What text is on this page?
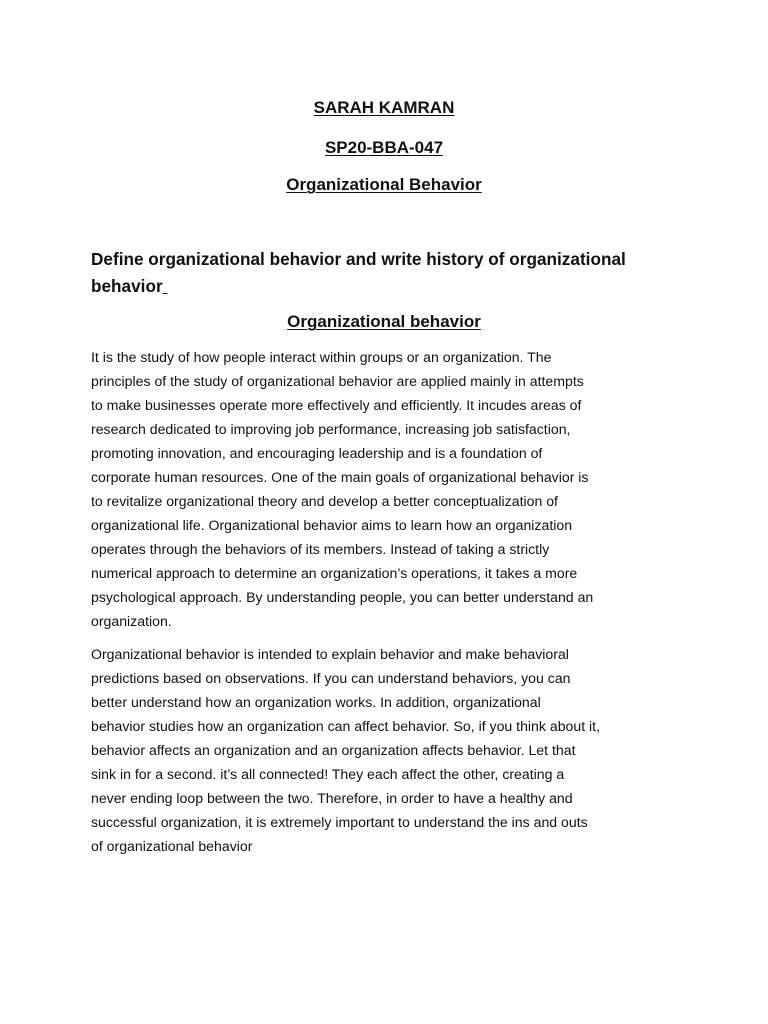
SARAH KAMRAN
SP20-BBA-047
Organizational Behavior
Define organizational behavior and write history of organizational
behavior
Organizational behavior
It is the study of how people interact within groups or an organization. The
principles of the study of organizational behavior are applied mainly in attempts
to make businesses operate more effectively and efficiently. It incudes areas of
research dedicated to improving job performance, increasing job satisfaction,
promoting innovation, and encouraging leadership and is a foundation of
corporate human resources. One of the main goals of organizational behavior is
to revitalize organizational theory and develop a better conceptualization of
organizational life. Organizational behavior aims to learn how an organization
operates through the behaviors of its members. Instead of taking a strictly
numerical approach to determine an organization’s operations, it takes a more
psychological approach. By understanding people, you can better understand an
organization.
Organizational behavior is intended to explain behavior and make behavioral
predictions based on observations. If you can understand behaviors, you can
better understand how an organization works. In addition, organizational
behavior studies how an organization can affect behavior. So, if you think about it,
behavior affects an organization and an organization affects behavior. Let that
sink in for a second. it’s all connected! They each affect the other, creating a
never ending loop between the two. Therefore, in order to have a healthy and
successful organization, it is extremely important to understand the ins and outs
of organizational behavior
